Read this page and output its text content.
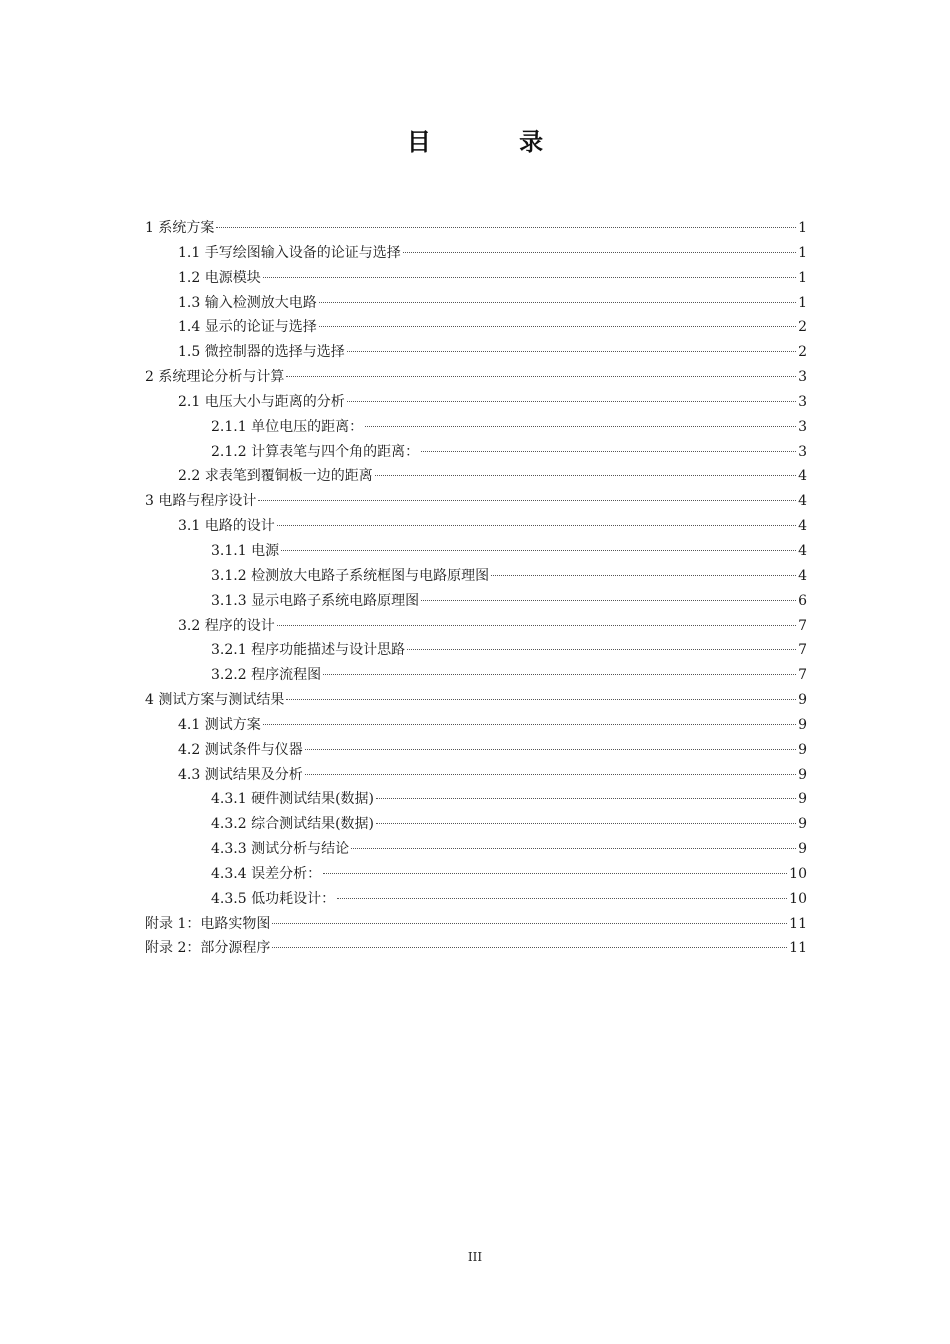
目 录
1 系统方案	1
1.1 手写绘图输入设备的论证与选择	1
1.2 电源模块	1
1.3 输入检测放大电路	1
1.4 显示的论证与选择	2
1.5 微控制器的选择与选择	2
2 系统理论分析与计算	3
2.1 电压大小与距离的分析	3
2.1.1 单位电压的距离：	3
2.1.2 计算表笔与四个角的距离：	3
2.2 求表笔到覆铜板一边的距离	4
3 电路与程序设计	4
3.1 电路的设计	4
3.1.1 电源	4
3.1.2 检测放大电路子系统框图与电路原理图	4
3.1.3 显示电路子系统电路原理图	6
3.2 程序的设计	7
3.2.1 程序功能描述与设计思路	7
3.2.2 程序流程图	7
4 测试方案与测试结果	9
4.1 测试方案	9
4.2 测试条件与仪器	9
4.3 测试结果及分析	9
4.3.1 硬件测试结果(数据)	9
4.3.2 综合测试结果(数据)	9
4.3.3 测试分析与结论	9
4.3.4 误差分析：	10
4.3.5 低功耗设计：	10
附录 1：电路实物图	11
附录 2：部分源程序	11
III
